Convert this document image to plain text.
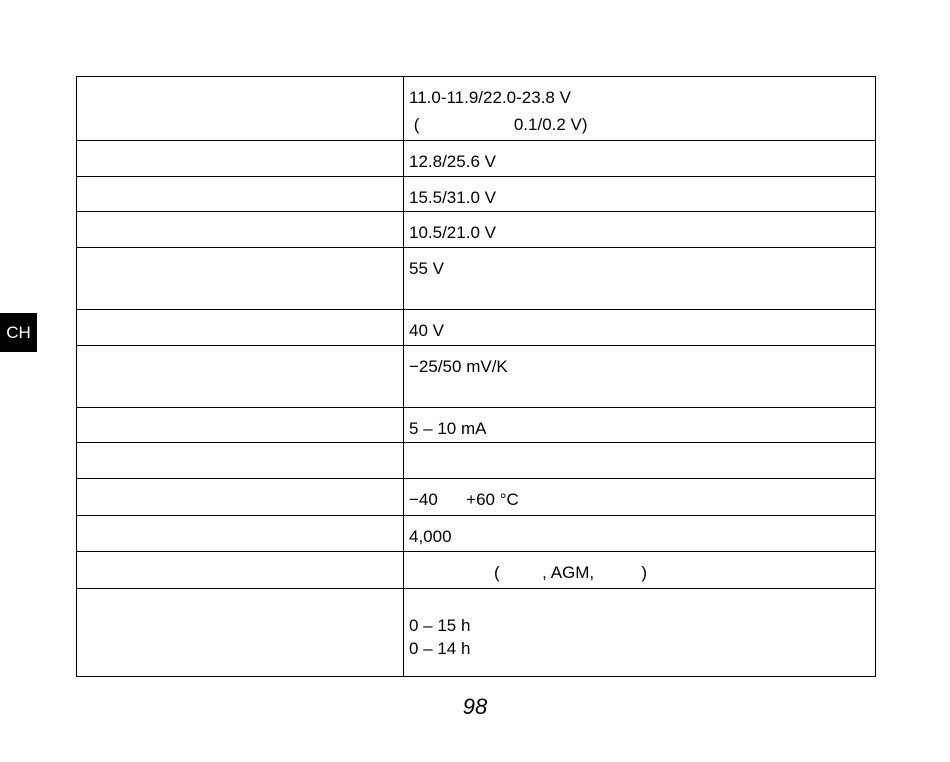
CH

	11.0-11.9/22.0-23.8 V
(                    0.1/0.2 V)

	12.8/25.6 V

	15.5/31.0 V

	10.5/21.0 V

	55 V

	40 V

	−25/50 mV/K

	5 – 10 mA

	−40      +60 °C

	4,000

	(         , AGM,          )

	0 – 15 h
0 – 14 h
98
